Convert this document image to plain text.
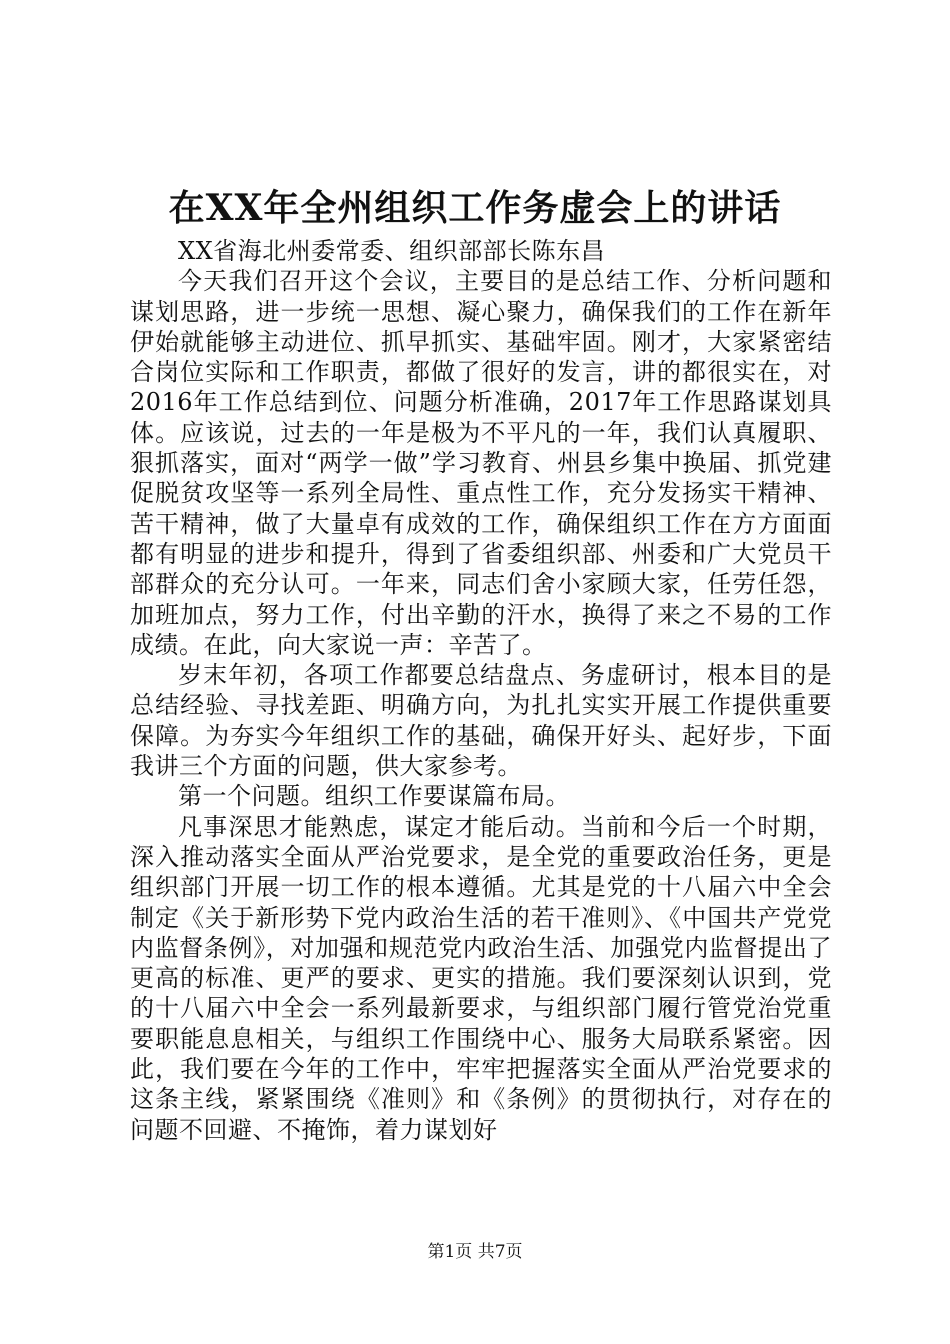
在XX年全州组织工作务虚会上的讲话

XX省海北州委常委、组织部部长陈东昌

今天我们召开这个会议，主要目的是总结工作、分析问题和谋划思路，进一步统一思想、凝心聚力，确保我们的工作在新年伊始就能够主动进位、抓早抓实、基础牢固。刚才，大家紧密结合岗位实际和工作职责，都做了很好的发言，讲的都很实在，对2016年工作总结到位、问题分析准确，2017年工作思路谋划具体。应该说，过去的一年是极为不平凡的一年，我们认真履职、狠抓落实，面对“两学一做”学习教育、州县乡集中换届、抓党建促脱贫攻坚等一系列全局性、重点性工作，充分发扬实干精神、苦干精神，做了大量卓有成效的工作，确保组织工作在方方面面都有明显的进步和提升，得到了省委组织部、州委和广大党员干部群众的充分认可。一年来，同志们舍小家顾大家，任劳任怨，加班加点，努力工作，付出辛勤的汗水，换得了来之不易的工作成绩。在此，向大家说一声：辛苦了。

岁末年初，各项工作都要总结盘点、务虚研讨，根本目的是总结经验、寻找差距、明确方向，为扎扎实实开展工作提供重要保障。为夯实今年组织工作的基础，确保开好头、起好步，下面我讲三个方面的问题，供大家参考。

第一个问题。组织工作要谋篇布局。

凡事深思才能熟虑，谋定才能后动。当前和今后一个时期，深入推动落实全面从严治党要求，是全党的重要政治任务，更是组织部门开展一切工作的根本遵循。尤其是党的十八届六中全会制定《关于新形势下党内政治生活的若干准则》、《中国共产党党内监督条例》，对加强和规范党内政治生活、加强党内监督提出了更高的标准、更严的要求、更实的措施。我们要深刻认识到，党的十八届六中全会一系列最新要求，与组织部门履行管党治党重要职能息息相关，与组织工作围绕中心、服务大局联系紧密。因此，我们要在今年的工作中，牢牢把握落实全面从严治党要求的这条主线，紧紧围绕《准则》和《条例》的贯彻执行，对存在的问题不回避、不掩饰，着力谋划好

第1页 共7页
